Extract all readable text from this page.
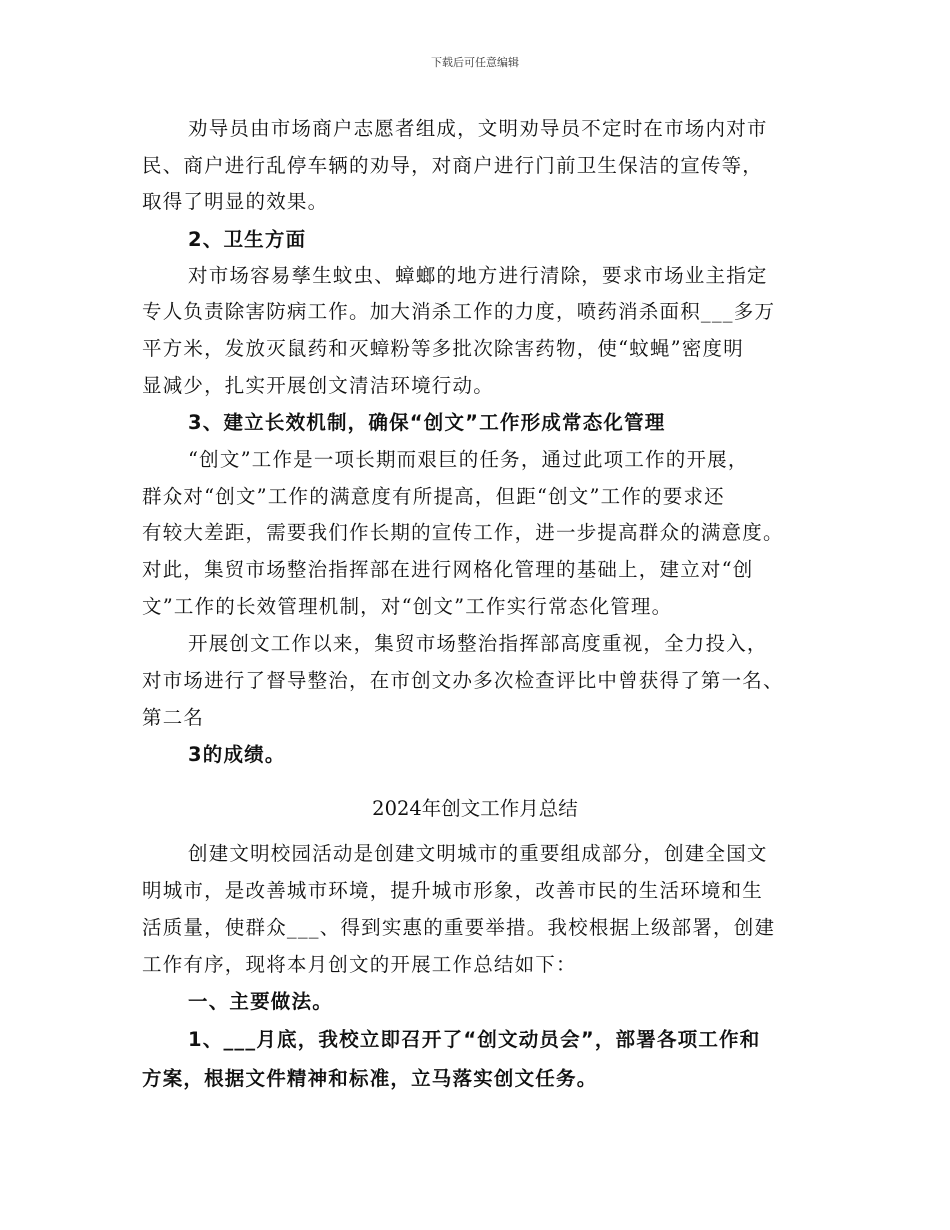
下载后可任意编辑
劝导员由市场商户志愿者组成，文明劝导员不定时在市场内对市
民、商户进行乱停车辆的劝导，对商户进行门前卫生保洁的宣传等，
取得了明显的效果。
2、卫生方面
对市场容易孳生蚊虫、蟑螂的地方进行清除，要求市场业主指定
专人负责除害防病工作。加大消杀工作的力度，喷药消杀面积___多万
平方米，发放灭鼠药和灭蟑粉等多批次除害药物，使“蚊蝇”密度明
显减少，扎实开展创文清洁环境行动。
3、建立长效机制，确保“创文”工作形成常态化管理
“创文”工作是一项长期而艰巨的任务，通过此项工作的开展，
群众对“创文”工作的满意度有所提高，但距“创文”工作的要求还
有较大差距，需要我们作长期的宣传工作，进一步提高群众的满意度。
对此，集贸市场整治指挥部在进行网格化管理的基础上，建立对“创
文”工作的长效管理机制，对“创文”工作实行常态化管理。
开展创文工作以来，集贸市场整治指挥部高度重视，全力投入，
对市场进行了督导整治，在市创文办多次检查评比中曾获得了第一名、
第二名
3的成绩。
2024年创文工作月总结
创建文明校园活动是创建文明城市的重要组成部分，创建全国文
明城市，是改善城市环境，提升城市形象，改善市民的生活环境和生
活质量，使群众___、得到实惠的重要举措。我校根据上级部署，创建
工作有序，现将本月创文的开展工作总结如下：
一、主要做法。
1、___月底，我校立即召开了“创文动员会”，部署各项工作和
方案，根据文件精神和标准，立马落实创文任务。
